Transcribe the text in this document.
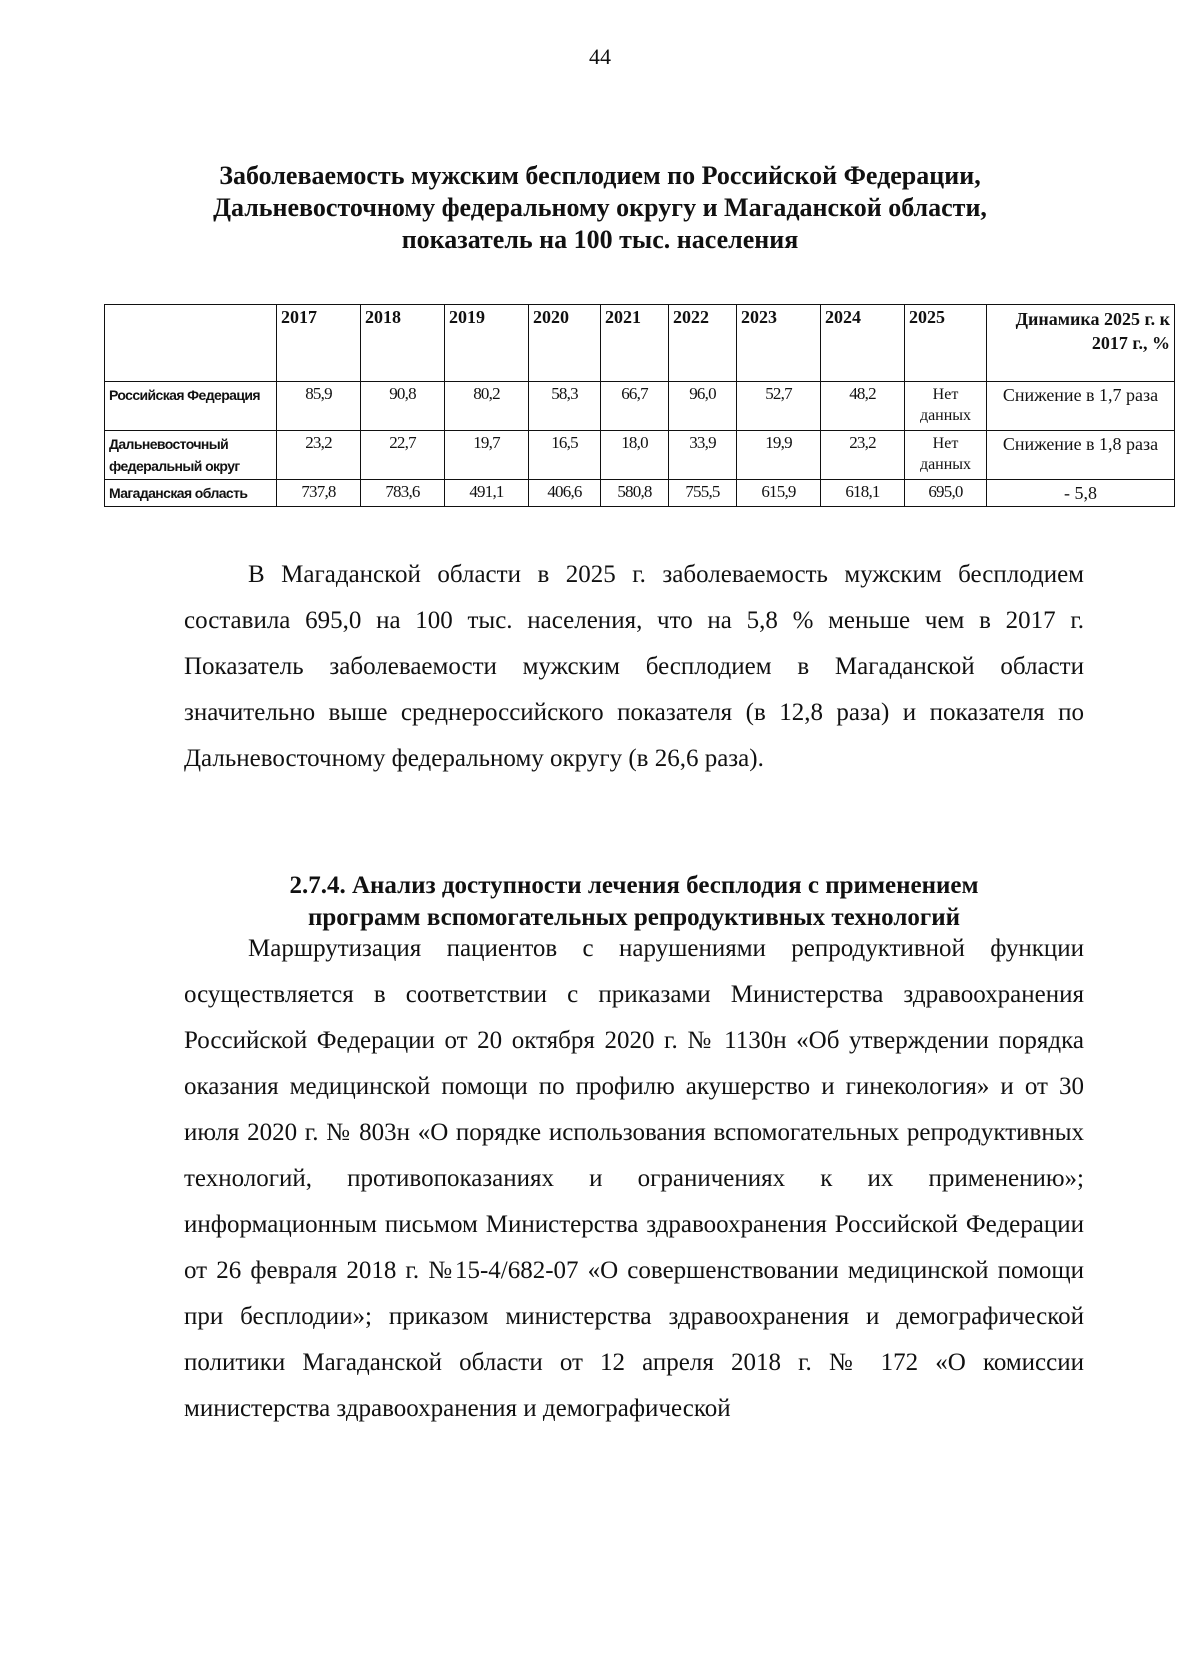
44
Заболеваемость мужским бесплодием по Российской Федерации,
Дальневосточному федеральному округу и Магаданской области,
показатель на 100 тыс. населения
	2017	2018	2019	2020	2021	2022	2023	2024	2025	Динамика 2025 г. к 2017 г., %
Российская Федерация	85,9	90,8	80,2	58,3	66,7	96,0	52,7	48,2	Нет данных	Снижение в 1,7 раза
Дальневосточный федеральный округ	23,2	22,7	19,7	16,5	18,0	33,9	19,9	23,2	Нет данных	Снижение в 1,8 раза
Магаданская область	737,8	783,6	491,1	406,6	580,8	755,5	615,9	618,1	695,0	- 5,8

В Магаданской области в 2025 г. заболеваемость мужским бесплодием составила 695,0 на 100 тыс. населения, что на 5,8 % меньше чем в 2017 г. Показатель заболеваемости мужским бесплодием в Магаданской области значительно выше среднероссийского показателя (в 12,8 раза) и показателя по Дальневосточному федеральному округу (в 26,6 раза).

2.7.4. Анализ доступности лечения бесплодия с применением
программ вспомогательных репродуктивных технологий

Маршрутизация пациентов с нарушениями репродуктивной функции осуществляется в соответствии с приказами Министерства здравоохранения Российской Федерации от 20 октября 2020 г. № 1130н «Об утверждении порядка оказания медицинской помощи по профилю акушерство и гинекология» и от 30 июля 2020 г. № 803н «О порядке использования вспомогательных репродуктивных технологий, противопоказаниях и ограничениях к их применению»; информационным письмом Министерства здравоохранения Российской Федерации от 26 февраля 2018 г. №15-4/682-07 «О совершенствовании медицинской помощи при бесплодии»; приказом министерства здравоохранения и демографической политики Магаданской области от 12 апреля 2018 г. № 172 «О комиссии министерства здравоохранения и демографической
